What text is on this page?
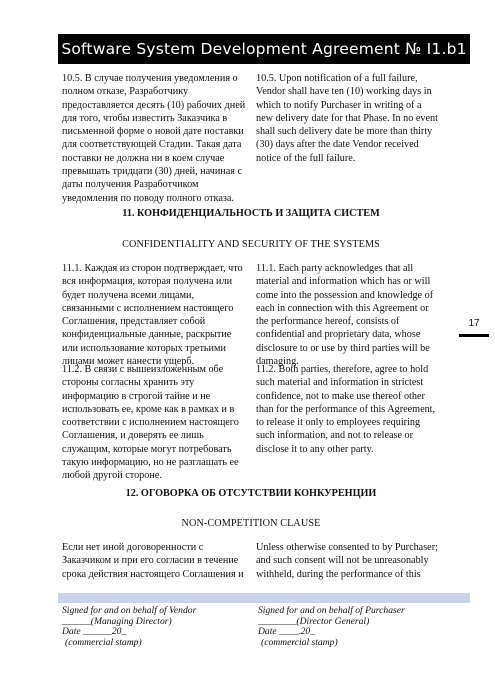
Software System Development Agreement № I1.b1
10.5. В случае получения уведомления о полном отказе, Разработчику предоставляется десять (10) рабочих дней для того, чтобы известить Заказчика в письменной форме о новой дате поставки для соответствующей Стадии. Такая дата поставки не должна ни в коем случае превышать тридцати (30) дней, начиная с даты получения Разработчиком уведомления по поводу полного отказа.
10.5. Upon notification of a full failure, Vendor shall have ten (10) working days in which to notify Purchaser in writing of a new delivery date for that Phase. In no event shall such delivery date be more than thirty (30) days after the date Vendor received notice of the full failure.
11. КОНФИДЕНЦИАЛЬНОСТЬ И ЗАЩИТА СИСТЕМ
CONFIDENTIALITY AND SECURITY OF THE SYSTEMS
11.1. Каждая из сторон подтверждает, что вся информация, которая получена или будет получена всеми лицами, связанными с исполнением настоящего Соглашения, представляет собой конфиденциальные данные, раскрытие или использование которых третьими лицами может нанести ущерб.
11.1. Each party acknowledges that all material and information which has or will come into the possession and knowledge of each in connection with this Agreement or the performance hereof, consists of confidential and proprietary data, whose disclosure to or use by third parties will be damaging.
11.2. В связи с вышеизложенным обе стороны согласны хранить эту информацию в строгой тайне и не использовать ее, кроме как в рамках и в соответствии с исполнением настоящего Соглашения, и доверять ее лишь служащим, которые могут потребовать такую информацию, но не разглашать ее любой другой стороне.
11.2. Both parties, therefore, agree to hold such material and information in strictest confidence, not to make use thereof other than for the performance of this Agreement, to release it only to employees requiring such information, and not to release or disclose it to any other party.
12. ОГОВОРКА ОБ ОТСУТСТВИИ КОНКУРЕНЦИИ
NON-COMPETITION CLAUSE
Если нет иной договоренности с Заказчиком и при его согласии в течение срока действия настоящего Соглашения и
Unless otherwise consented to by Purchaser; and such consent will not be unreasonably withheld, during the performance of this
17
Signed for and on behalf of Vendor
______(Managing Director)
Date ______20_
(commercial stamp)
Signed for and on behalf of Purchaser
________(Director General)
Date ____.20_
(commercial stamp)
